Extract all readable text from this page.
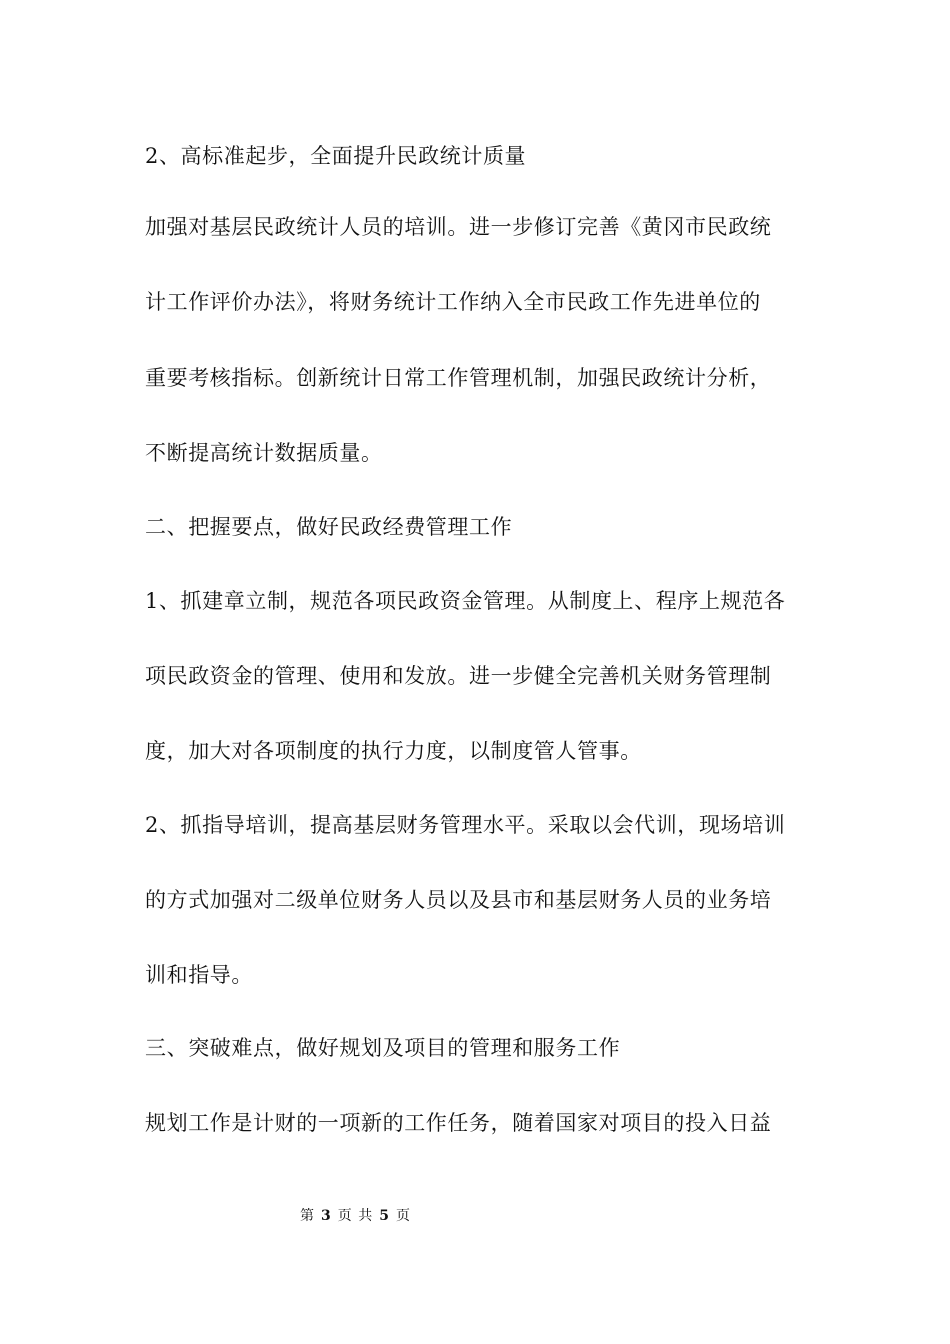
2、高标准起步，全面提升民政统计质量
加强对基层民政统计人员的培训。进一步修订完善《黄冈市民政统
计工作评价办法》，将财务统计工作纳入全市民政工作先进单位的
重要考核指标。创新统计日常工作管理机制，加强民政统计分析，
不断提高统计数据质量。
二、把握要点，做好民政经费管理工作
1、抓建章立制，规范各项民政资金管理。从制度上、程序上规范各
项民政资金的管理、使用和发放。进一步健全完善机关财务管理制
度，加大对各项制度的执行力度，以制度管人管事。
2、抓指导培训，提高基层财务管理水平。采取以会代训，现场培训
的方式加强对二级单位财务人员以及县市和基层财务人员的业务培
训和指导。
三、突破难点，做好规划及项目的管理和服务工作
规划工作是计财的一项新的工作任务，随着国家对项目的投入日益
第 3 页 共 5 页
